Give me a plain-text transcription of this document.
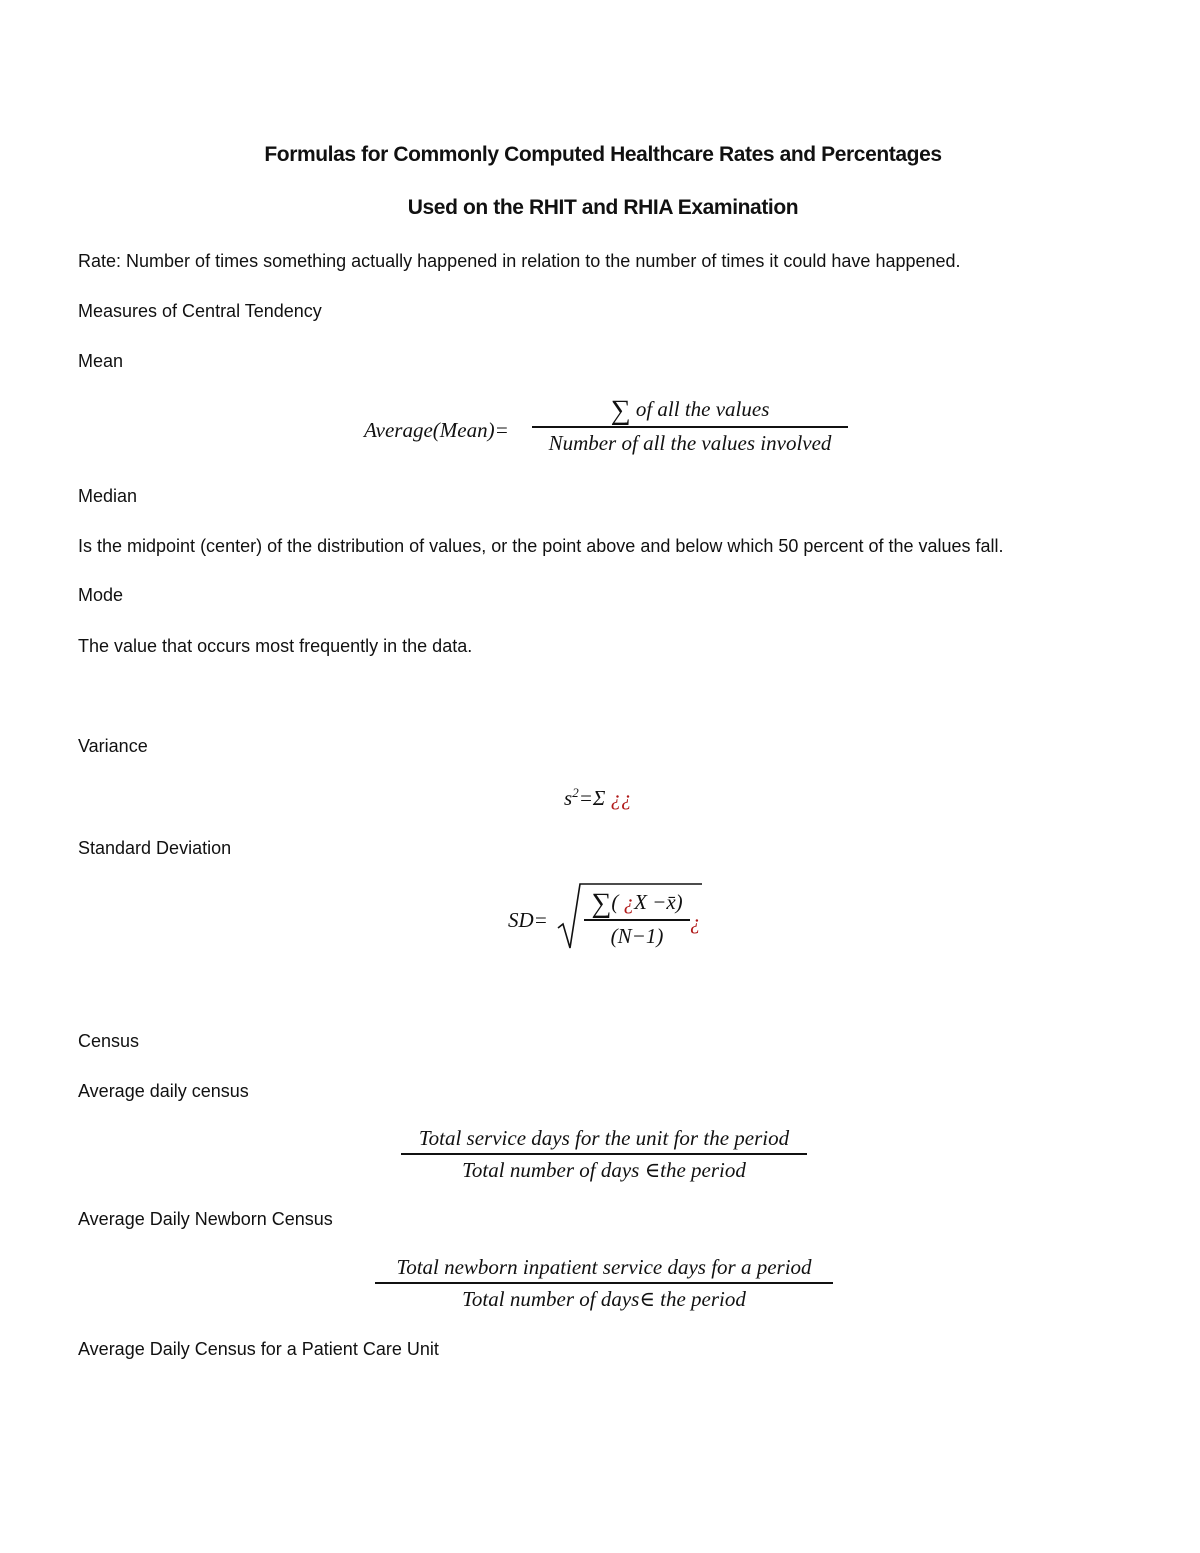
Formulas for Commonly Computed Healthcare Rates and Percentages
Used on the RHIT and RHIA Examination
Rate: Number of times something actually happened in relation to the number of times it could have happened.
Measures of Central Tendency
Mean
Average(Mean)=
∑ of all the values
Number of all the values involved
Median
Is the midpoint (center) of the distribution of values, or the point above and below which 50 percent of the values fall.
Mode
The value that occurs most frequently in the data.
Variance
$s^2=\Sigma$ ¿¿
Standard Deviation
SD=
∑( ¿X −x̄)
(N−1)
¿
Census
Average daily census
Total service days for the unit for the period
Total number of days ∈the period
Average Daily Newborn Census
Total newborn inpatient service days for a period
Total number of days∈ the period
Average Daily Census for a Patient Care Unit
